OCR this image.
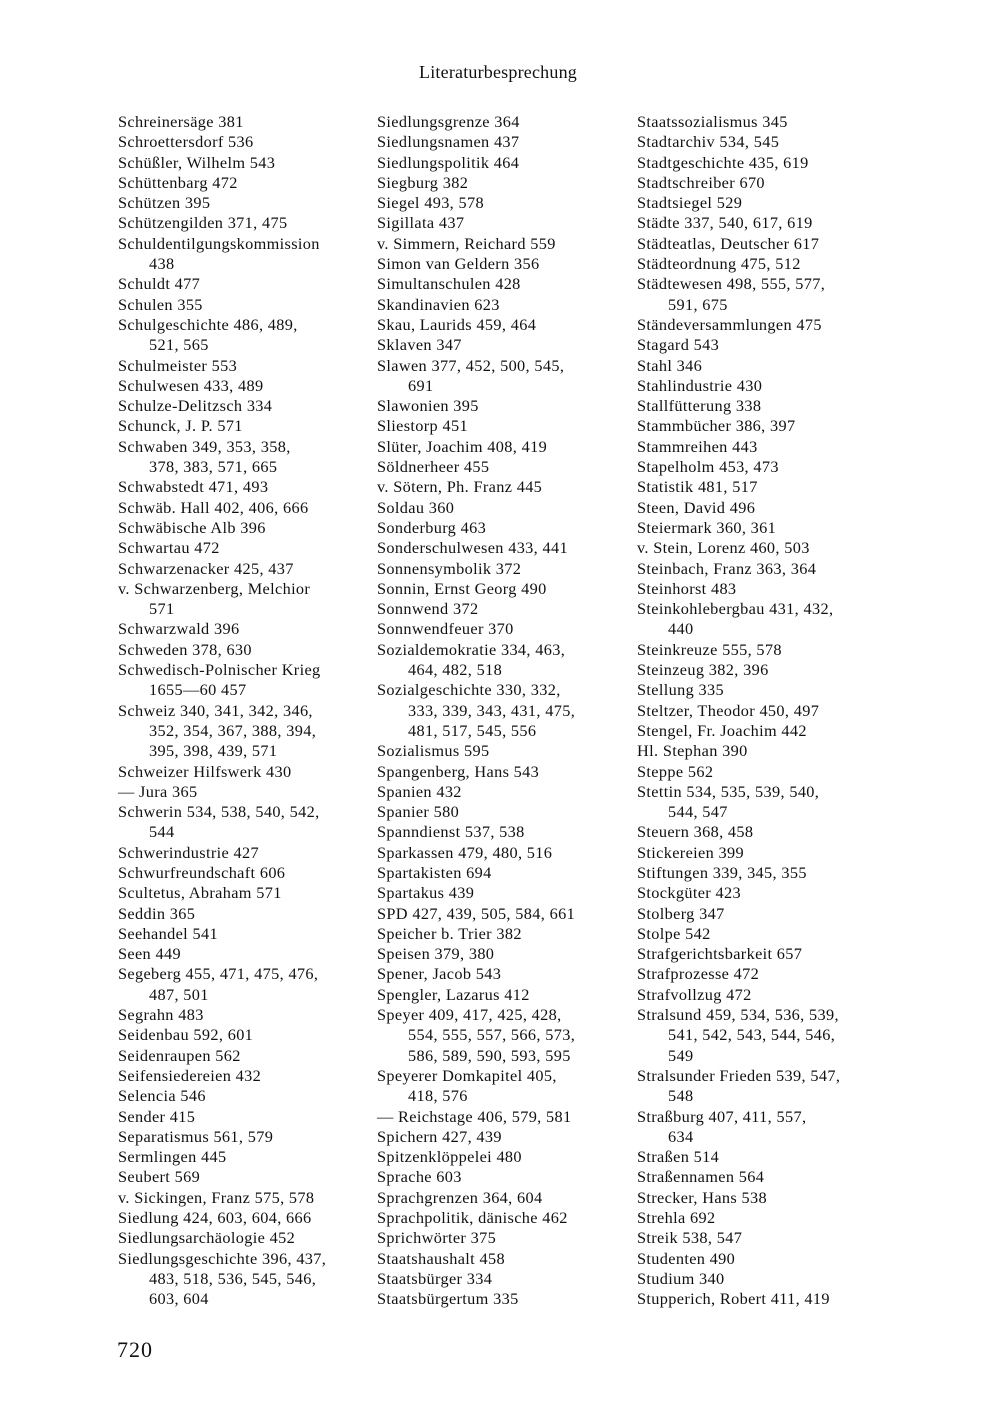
Literaturbesprechung
Schreinersäge 381
Schroettersdorf 536
Schüßler, Wilhelm 543
Schüttenbarg 472
Schützen 395
Schützengilden 371, 475
Schuldentilgungskommission
438
Schuldt 477
Schulen 355
Schulgeschichte 486, 489,
521, 565
Schulmeister 553
Schulwesen 433, 489
Schulze-Delitzsch 334
Schunck, J. P. 571
Schwaben 349, 353, 358,
378, 383, 571, 665
Schwabstedt 471, 493
Schwäb. Hall 402, 406, 666
Schwäbische Alb 396
Schwartau 472
Schwarzenacker 425, 437
v. Schwarzenberg, Melchior
571
Schwarzwald 396
Schweden 378, 630
Schwedisch-Polnischer Krieg
1655—60 457
Schweiz 340, 341, 342, 346,
352, 354, 367, 388, 394,
395, 398, 439, 571
Schweizer Hilfswerk 430
— Jura 365
Schwerin 534, 538, 540, 542,
544
Schwerindustrie 427
Schwurfreundschaft 606
Scultetus, Abraham 571
Seddin 365
Seehandel 541
Seen 449
Segeberg 455, 471, 475, 476,
487, 501
Segrahn 483
Seidenbau 592, 601
Seidenraupen 562
Seifensiedereien 432
Selencia 546
Sender 415
Separatismus 561, 579
Sermlingen 445
Seubert 569
v. Sickingen, Franz 575, 578
Siedlung 424, 603, 604, 666
Siedlungsarchäologie 452
Siedlungsgeschichte 396, 437,
483, 518, 536, 545, 546,
603, 604
Siedlungsgrenze 364
Siedlungsnamen 437
Siedlungspolitik 464
Siegburg 382
Siegel 493, 578
Sigillata 437
v. Simmern, Reichard 559
Simon van Geldern 356
Simultanschulen 428
Skandinavien 623
Skau, Laurids 459, 464
Sklaven 347
Slawen 377, 452, 500, 545,
691
Slawonien 395
Sliestorp 451
Slüter, Joachim 408, 419
Söldnerheer 455
v. Sötern, Ph. Franz 445
Soldau 360
Sonderburg 463
Sonderschulwesen 433, 441
Sonnensymbolik 372
Sonnin, Ernst Georg 490
Sonnwend 372
Sonnwendfeuer 370
Sozialdemokratie 334, 463,
464, 482, 518
Sozialgeschichte 330, 332,
333, 339, 343, 431, 475,
481, 517, 545, 556
Sozialismus 595
Spangenberg, Hans 543
Spanien 432
Spanier 580
Spanndienst 537, 538
Sparkassen 479, 480, 516
Spartakisten 694
Spartakus 439
SPD 427, 439, 505, 584, 661
Speicher b. Trier 382
Speisen 379, 380
Spener, Jacob 543
Spengler, Lazarus 412
Speyer 409, 417, 425, 428,
554, 555, 557, 566, 573,
586, 589, 590, 593, 595
Speyerer Domkapitel 405,
418, 576
— Reichstage 406, 579, 581
Spichern 427, 439
Spitzenklöppelei 480
Sprache 603
Sprachgrenzen 364, 604
Sprachpolitik, dänische 462
Sprichwörter 375
Staatshaushalt 458
Staatsbürger 334
Staatsbürgertum 335
Staatssozialismus 345
Stadtarchiv 534, 545
Stadtgeschichte 435, 619
Stadtschreiber 670
Stadtsiegel 529
Städte 337, 540, 617, 619
Städteatlas, Deutscher 617
Städteordnung 475, 512
Städtewesen 498, 555, 577,
591, 675
Ständeversammlungen 475
Stagard 543
Stahl 346
Stahlindustrie 430
Stallfütterung 338
Stammbücher 386, 397
Stammreihen 443
Stapelholm 453, 473
Statistik 481, 517
Steen, David 496
Steiermark 360, 361
v. Stein, Lorenz 460, 503
Steinbach, Franz 363, 364
Steinhorst 483
Steinkohlebergbau 431, 432,
440
Steinkreuze 555, 578
Steinzeug 382, 396
Stellung 335
Steltzer, Theodor 450, 497
Stengel, Fr. Joachim 442
Hl. Stephan 390
Steppe 562
Stettin 534, 535, 539, 540,
544, 547
Steuern 368, 458
Stickereien 399
Stiftungen 339, 345, 355
Stockgüter 423
Stolberg 347
Stolpe 542
Strafgerichtsbarkeit 657
Strafprozesse 472
Strafvollzug 472
Stralsund 459, 534, 536, 539,
541, 542, 543, 544, 546,
549
Stralsunder Frieden 539, 547,
548
Straßburg 407, 411, 557,
634
Straßen 514
Straßennamen 564
Strecker, Hans 538
Strehla 692
Streik 538, 547
Studenten 490
Studium 340
Stupperich, Robert 411, 419
720
